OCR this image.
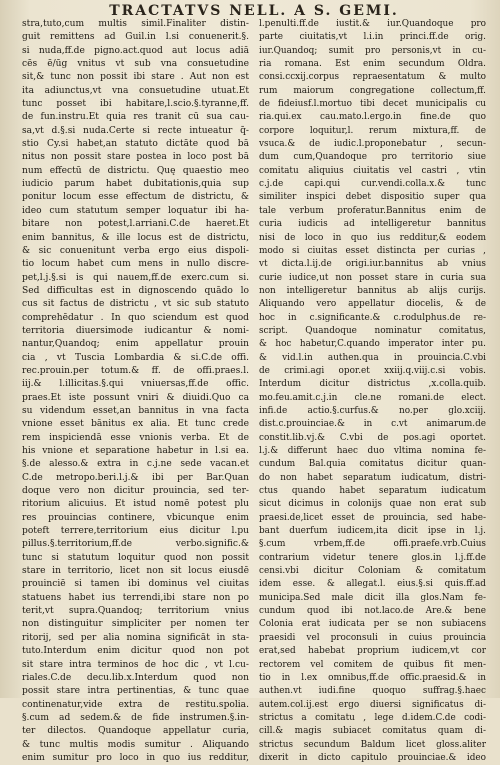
TRACTATVS NELL. A S. GEMI.
stra,tuto,cum multis simil.Finaliter distin-
guit remittens ad Guil.in l.si conuenerit.§.
si nuda,ff.de pigno.act.quod aut locus adiā
cēs ē/ūg vnitus vt sub vna consuetudine
sit,& tunc non possit ibi stare . Aut non est
ita adiunctus,vt vna consuetudine utuat.Et
tunc posset ibi habitare,l.scio.§.tyranne,ff.
de fun.instru.Et quia res tranit cū sua cau-
sa,vt d.§.si nuda.Certe si recte intueatur q̄-
stio Cy.si habet,an statuto dictāte quod bā
nitus non possit stare postea in loco post bā
num effectū de districtu. Quę quaestio meo
iudicio parum habet dubitationis,quia sup
ponitur locum esse effectum de districtu, &
ideo cum statutum semper loquatur ibi ha-
bitare non potest,l.arriani.C.de haeret.Et
enim bannitus, & ille locus est de districtu,
& sic conuenitunt verba ergo eius dispoli-
tio locum habet cum mens in nullo discre-
pet,l.j.§.si is qui nauem,ff.de exerc.cum si.
Sed difficultas est in dignoscendo quādo lo
cus sit factus de districtu , vt sic sub statuto
comprehēdatur . In quo sciendum est quod
territoria diuersimode iudicantur & nomi-
nantur,Quandoq; enim appellatur prouin
cia , vt Tuscia Lombardia & si.C.de offi.
rec.prouin.per totum.& ff. de offi.praes.l.
iij.& l.illicitas.§.qui vniuersas,ff.de offic.
praes.Et iste possunt vniri & diuidi.Quo ca
su videndum esset,an bannitus in vna facta
vnione esset bānitus ex alia. Et tunc crede
rem inspiciendā esse vnionis verba. Et de
his vnione et separatione habetur in l.si ea.
§.de alesso.& extra in c.j.ne sede vacan.et
C.de metropo.beri.l.j.& ibi per Bar.Quan
doque vero non dicitur prouincia, sed ter-
ritorium alicuius. Et istud nomē potest plu
res prouincias continere, vbicunque enim
poteft terrere,territorium eius dicitur l.pu
pillus.§.territorium,ff.de verbo.signific.&
tunc si statutum loquitur quod non possit
stare in territorio, licet non sit locus eiusdē
prouinciē si tamen ibi dominus vel ciuitas
statuens habet ius terrendi,ibi stare non po
terit,vt supra.Quandoq; territorium vnius
non distinguitur simpliciter per nomen ter
ritorij, sed per alia nomina significāt in sta-
tuto.Interdum enim dicitur quod non pot
sit stare intra terminos de hoc dic , vt l.cu-
riales.C.de decu.lib.x.Interdum quod non
possit stare intra pertinentias, & tunc quae
continenatur,vide extra de restitu.spolia.
§.cum ad sedem.& de fide instrumen.§.in-
ter dilectos. Quandoque appellatur curia,
& tunc multis modis sumitur . Aliquando
enim sumitur pro loco in quo ius redditur,
l.penulti.ff.de iustit.& iur.Quandoque pro
parte ciuitatis,vt l.i.in princi.ff.de orig.
iur.Quandoq; sumit pro personis,vt in cu-
ria romana. Est enim secundum Oldra.
consi.ccxij.corpus repraesentatum & multo
rum maiorum congregatione collectum,ff.
de fideiusf.l.mortuo tibi decet municipalis cu
ria.qui.ex cau.mato.l.ergo.in fine.de quo
corpore loquitur,l. rerum mixtura,ff. de
vsuca.& de iudic.l.proponebatur , secun-
dum cum,Quandoque pro territorio siue
comitatu aliquius ciuitatis vel castri , vtin
c.j.de capi.qui cur.vendi.colla.x.& tunc
similiter inspici debet dispositio super qua
tale verbum proferatur.Bannitus enim de
curia iudicis ad intelligeretur bannitus
nisi de loco in quo ius redditur,& eodem
modo si ciuitas esset distincta per curias ,
vt dicta.l.ij.de origi.iur.bannitus ab vnius
curie iudice,ut non posset stare in curia sua
non intelligeretur bannitus ab alijs curijs.
Aliquando vero appellatur diocelis, & de
hoc in c.significante.& c.rodulphus.de re-
script. Quandoque nominatur comitatus,
& hoc habetur,C.quando imperator inter pu.
& vid.l.in authen.qua in prouincia.C.vbi
de crimi.agi opor.et xxiij.q.viij.c.si vobis.
Interdum dicitur districtus ,x.colla.quib.
mo.feu.amit.c.j.in cle.ne romani.de elect.
infi.de actio.§.curfus.& no.per glo.xciij.
dist.c.prouinciae.& in c.vt animarum.de
constit.lib.vj.& C.vbi de pos.agi oportet.
l.j.& differunt haec duo vltima nomina fe-
cundum Bal.quia comitatus dicitur quan-
do non habet separatum iudicatum, distri-
ctus quando habet separatum iudicatum
sicut dicimus in colonijs quae non erat sub
praesi.de,licet esset de prouincia, sed habe-
bant duerfum iudicem,ita dicit ipse in l.j.
§.cum vrbem,ff.de offi.praefe.vrb.Cuius
contrarium videtur tenere glos.in l.j.ff.de
censi.vbi dicitur Coloniam & comitatum
idem esse. & allegat.l. eius.§.si quis.ff.ad
municipa.Sed male dicit illa glos.Nam fe-
cundum quod ibi not.laco.de Are.& bene
Colonia erat iudicata per se non subiacens
praesidi vel proconsuli in cuius prouincia
erat,sed habebat proprium iudicem,vt cor
rectorem vel comitem de quibus fit men-
tio in l.ex omnibus,ff.de offic.praesid.& in
authen.vt iudi.fine quoquo suffrag.§.haec
autem.col.ij.est ergo diuersi significatus di-
strictus a comitatu , lege d.idem.C.de codi-
cill.& magis subiacet comitatus quam di-
strictus secundum Baldum licet gloss.aliter
dixerit in dicto capitulo prouinciae.& ideo
